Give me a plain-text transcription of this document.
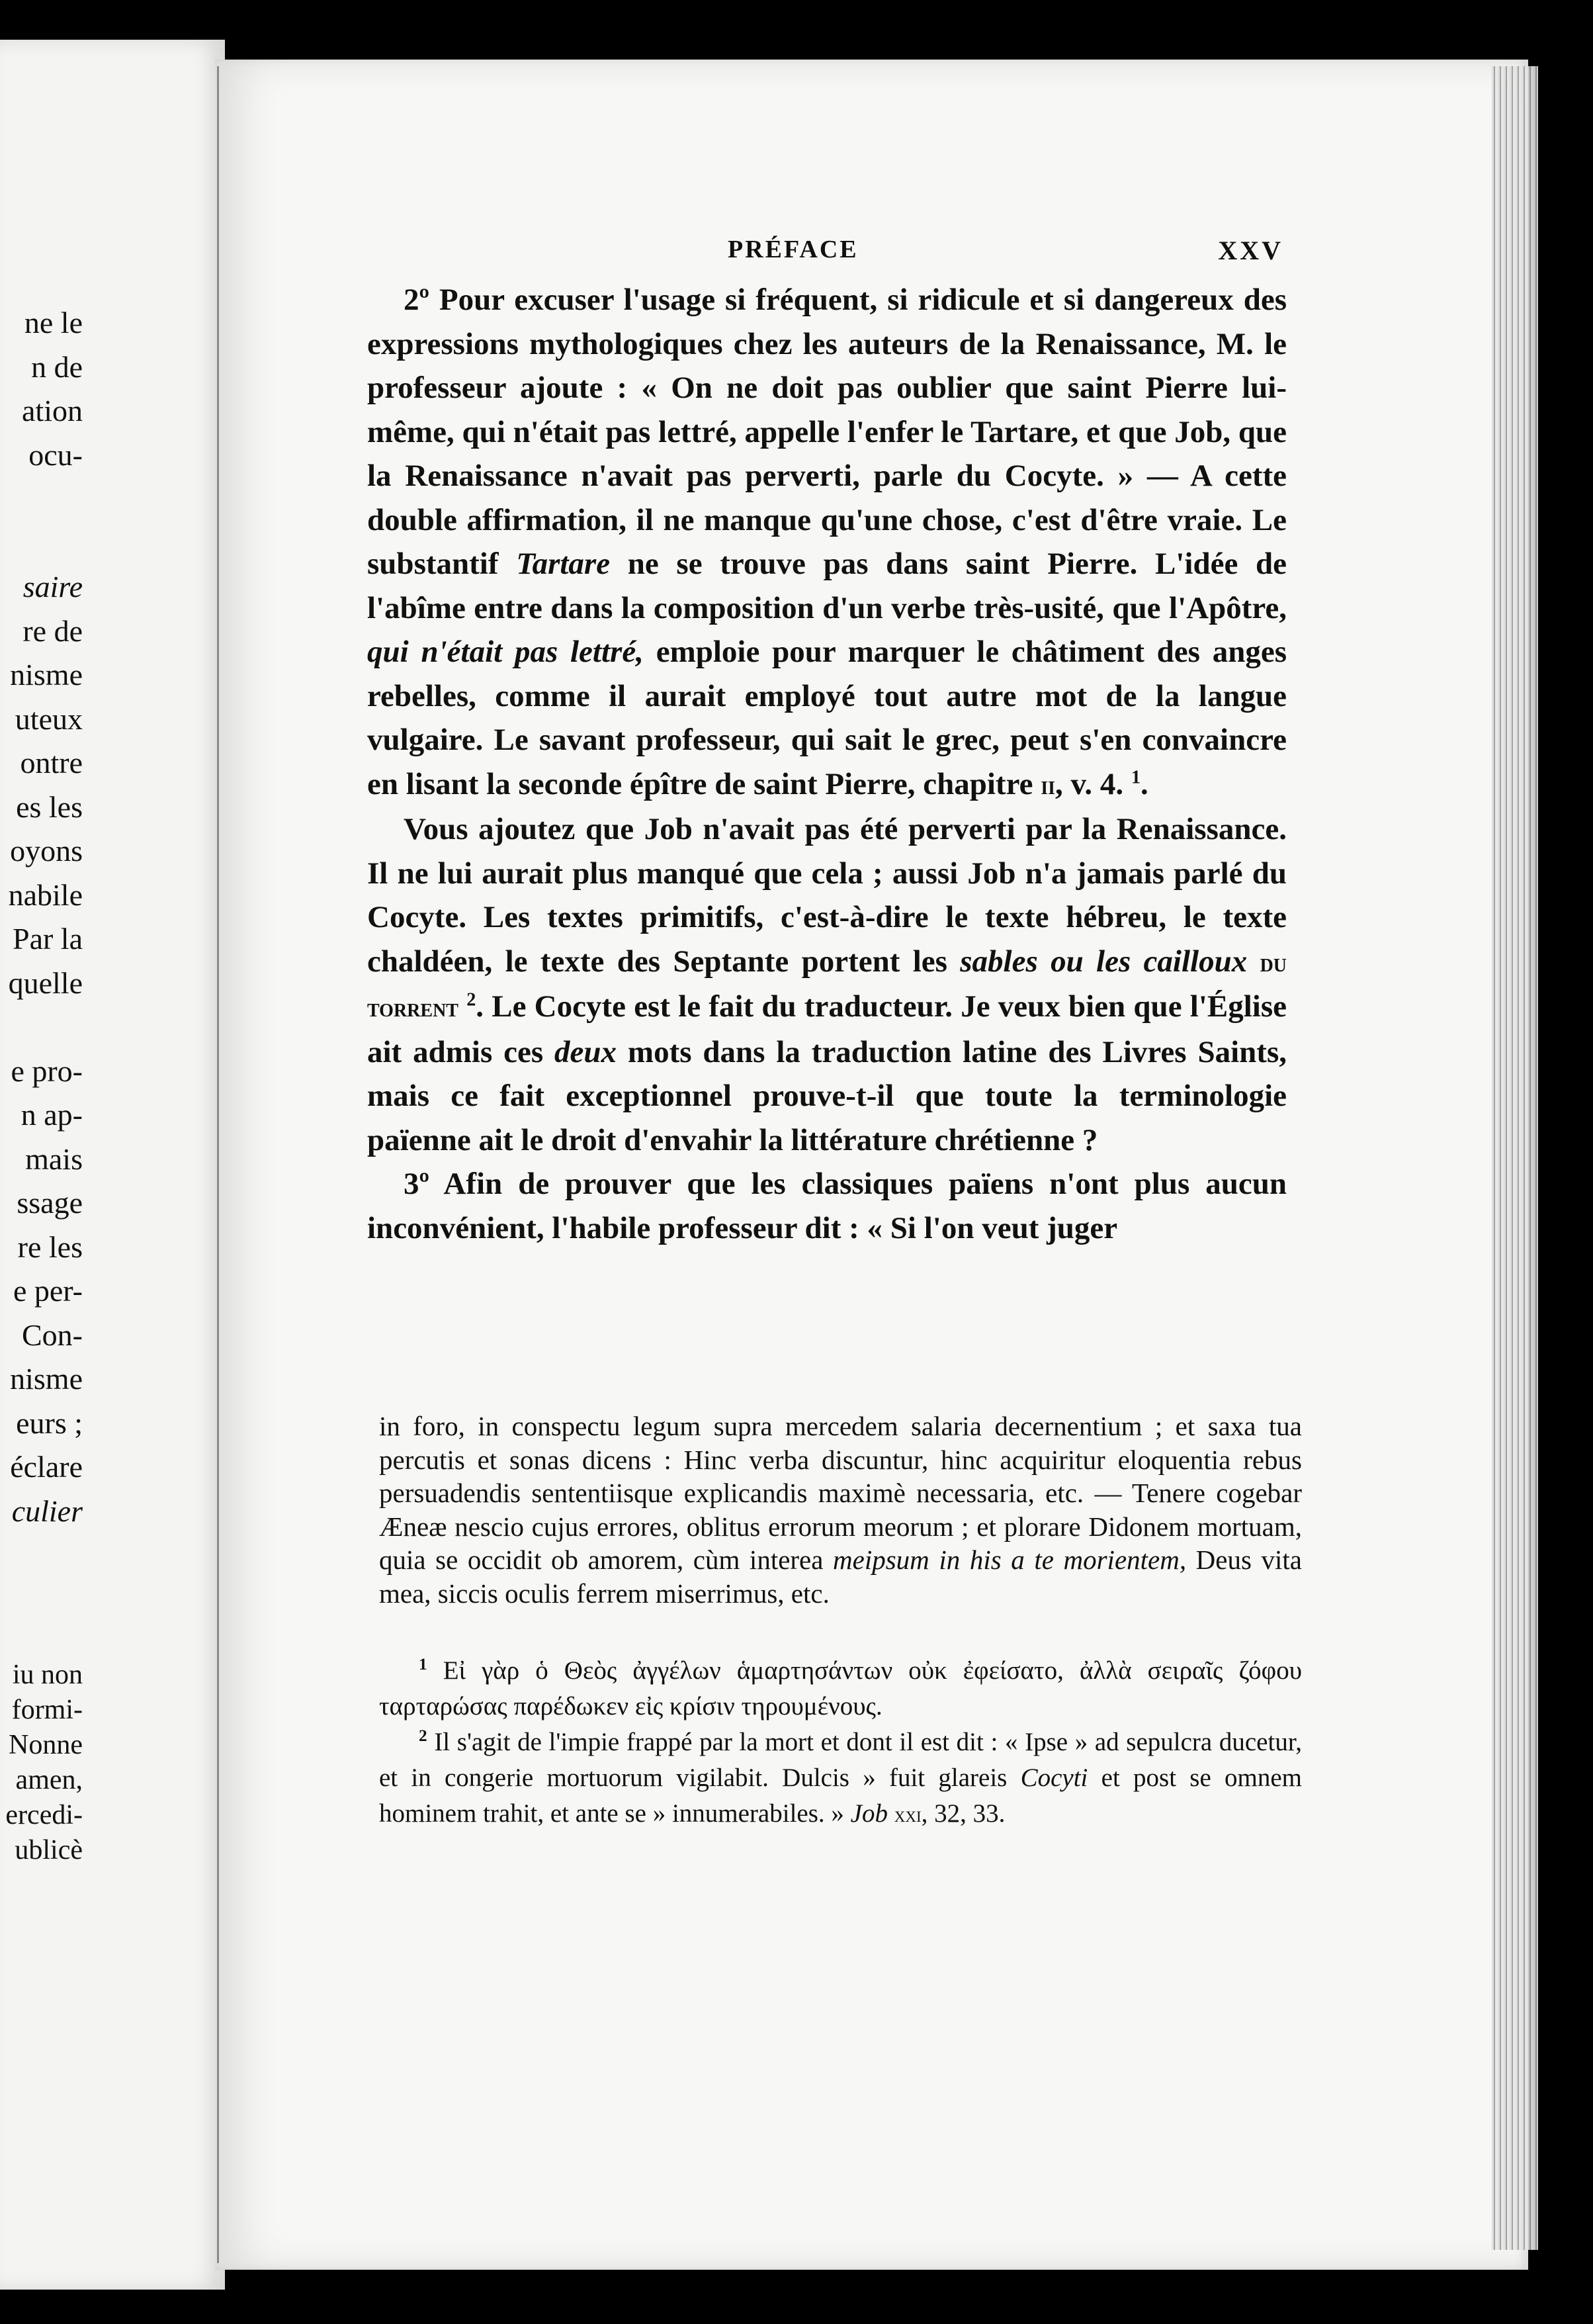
ne le
n de
ation
ocu-
saire
re de
nisme
uteux
ontre
es les
oyons
nabile
Par la
quelle
e pro-
n ap-
mais
ssage
re les
e per-
Con-
nisme
eurs ;
éclare
culier
iu non
formi-
Nonne
amen,
ercedi-
ublicè
PRÉFACE	XXV

2º Pour excuser l'usage si fréquent, si ridicule et si dangereux des expressions mythologiques chez les auteurs de la Renaissance, M. le professeur ajoute : « On ne doit pas oublier que saint Pierre lui-même, qui n'était pas lettré, appelle l'enfer le Tartare, et que Job, que la Renaissance n'avait pas perverti, parle du Cocyte. » — A cette double affirmation, il ne manque qu'une chose, c'est d'être vraie. Le substantif Tartare ne se trouve pas dans saint Pierre. L'idée de l'abîme entre dans la composition d'un verbe très-usité, que l'Apôtre, qui n'était pas lettré, emploie pour marquer le châtiment des anges rebelles, comme il aurait employé tout autre mot de la langue vulgaire. Le savant professeur, qui sait le grec, peut s'en convaincre en lisant la seconde épître de saint Pierre, chapitre ii, v. 4. $^1$.

Vous ajoutez que Job n'avait pas été perverti par la Renaissance. Il ne lui aurait plus manqué que cela ; aussi Job n'a jamais parlé du Cocyte. Les textes primitifs, c'est-à-dire le texte hébreu, le texte chaldéen, le texte des Septante portent les sables ou les cailloux du torrent $^2$. Le Cocyte est le fait du traducteur. Je veux bien que l'Église ait admis ces deux mots dans la traduction latine des Livres Saints, mais ce fait exceptionnel prouve-t-il que toute la terminologie païenne ait le droit d'envahir la littérature chrétienne ?

3º Afin de prouver que les classiques païens n'ont plus aucun inconvénient, l'habile professeur dit : « Si l'on veut juger

in foro, in conspectu legum supra mercedem salaria decernentium ; et saxa tua percutis et sonas dicens : Hinc verba discuntur, hinc acquiritur eloquentia rebus persuadendis sententiisque explicandis maximè necessaria, etc. — Tenere cogebar Æneæ nescio cujus errores, oblitus errorum meorum ; et plorare Didonem mortuam, quia se occidit ob amorem, cùm interea meipsum in his a te morientem, Deus vita mea, siccis oculis ferrem miserrimus, etc.

$^1$ Εἰ γὰρ ὁ Θεὸς ἀγγέλων ἁμαρτησάντων οὐκ ἐφείσατο, ἀλλὰ σειραῖς ζόφου ταρταρώσας παρέδωκεν εἰς κρίσιν τηρουμένους.

$^2$ Il s'agit de l'impie frappé par la mort et dont il est dit : « Ipse » ad sepulcra ducetur, et in congerie mortuorum vigilabit. Dulcis » fuit glareis Cocyti et post se omnem hominem trahit, et ante se » innumerabiles. » Job xxi, 32, 33.
